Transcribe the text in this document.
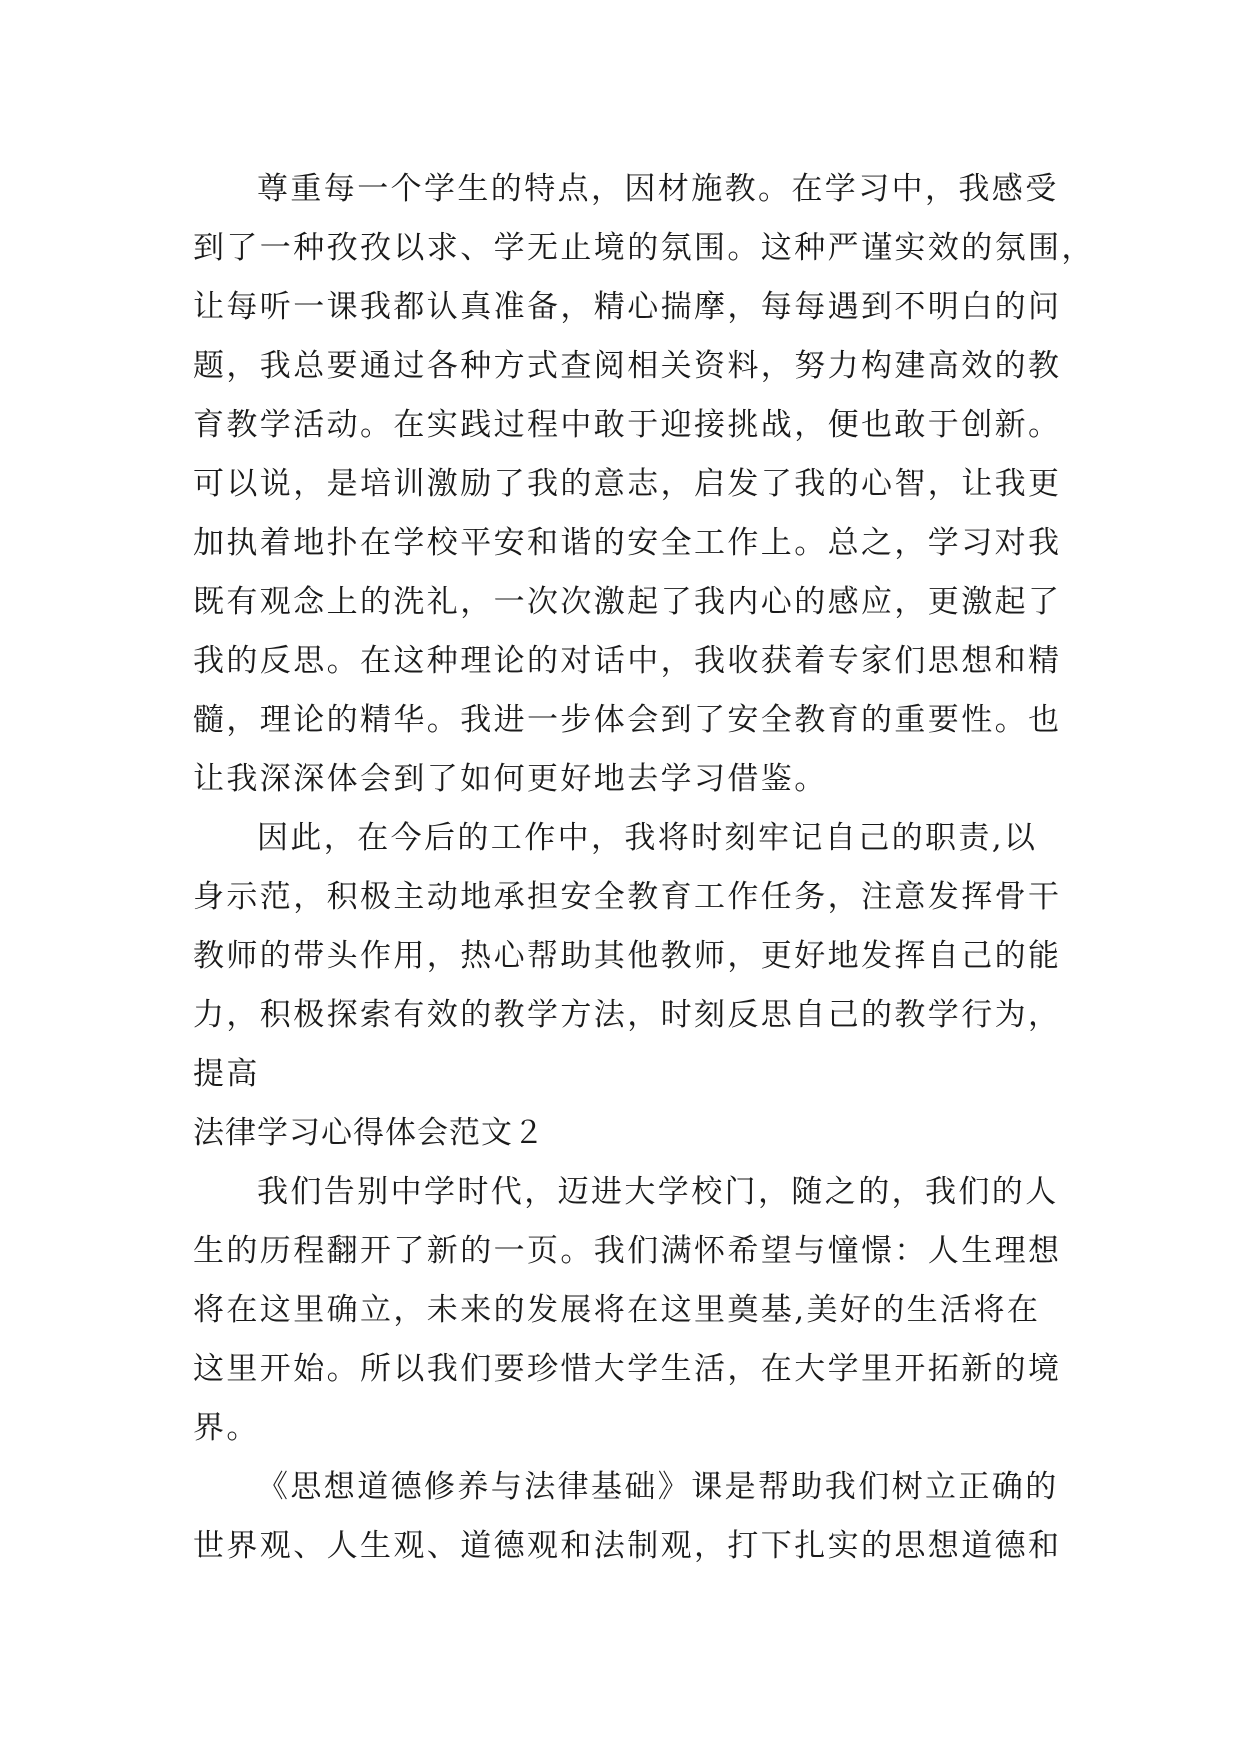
尊重每一个学生的特点，因材施教。在学习中，我感受
到了一种孜孜以求、学无止境的氛围。这种严谨实效的氛围，
让每听一课我都认真准备，精心揣摩，每每遇到不明白的问
题，我总要通过各种方式查阅相关资料，努力构建高效的教
育教学活动。在实践过程中敢于迎接挑战，便也敢于创新。
可以说，是培训激励了我的意志，启发了我的心智，让我更
加执着地扑在学校平安和谐的安全工作上。总之，学习对我
既有观念上的洗礼，一次次激起了我内心的感应，更激起了
我的反思。在这种理论的对话中，我收获着专家们思想和精
髓，理论的精华。我进一步体会到了安全教育的重要性。也
让我深深体会到了如何更好地去学习借鉴。
因此，在今后的工作中，我将时刻牢记自己的职责,以
身示范，积极主动地承担安全教育工作任务，注意发挥骨干
教师的带头作用，热心帮助其他教师，更好地发挥自己的能
力，积极探索有效的教学方法，时刻反思自己的教学行为，
提高
法律学习心得体会范文２
我们告别中学时代，迈进大学校门，随之的，我们的人
生的历程翻开了新的一页。我们满怀希望与憧憬：人生理想
将在这里确立，未来的发展将在这里奠基,美好的生活将在
这里开始。所以我们要珍惜大学生活，在大学里开拓新的境
界。
《思想道德修养与法律基础》课是帮助我们树立正确的
世界观、人生观、道德观和法制观，打下扎实的思想道德和
